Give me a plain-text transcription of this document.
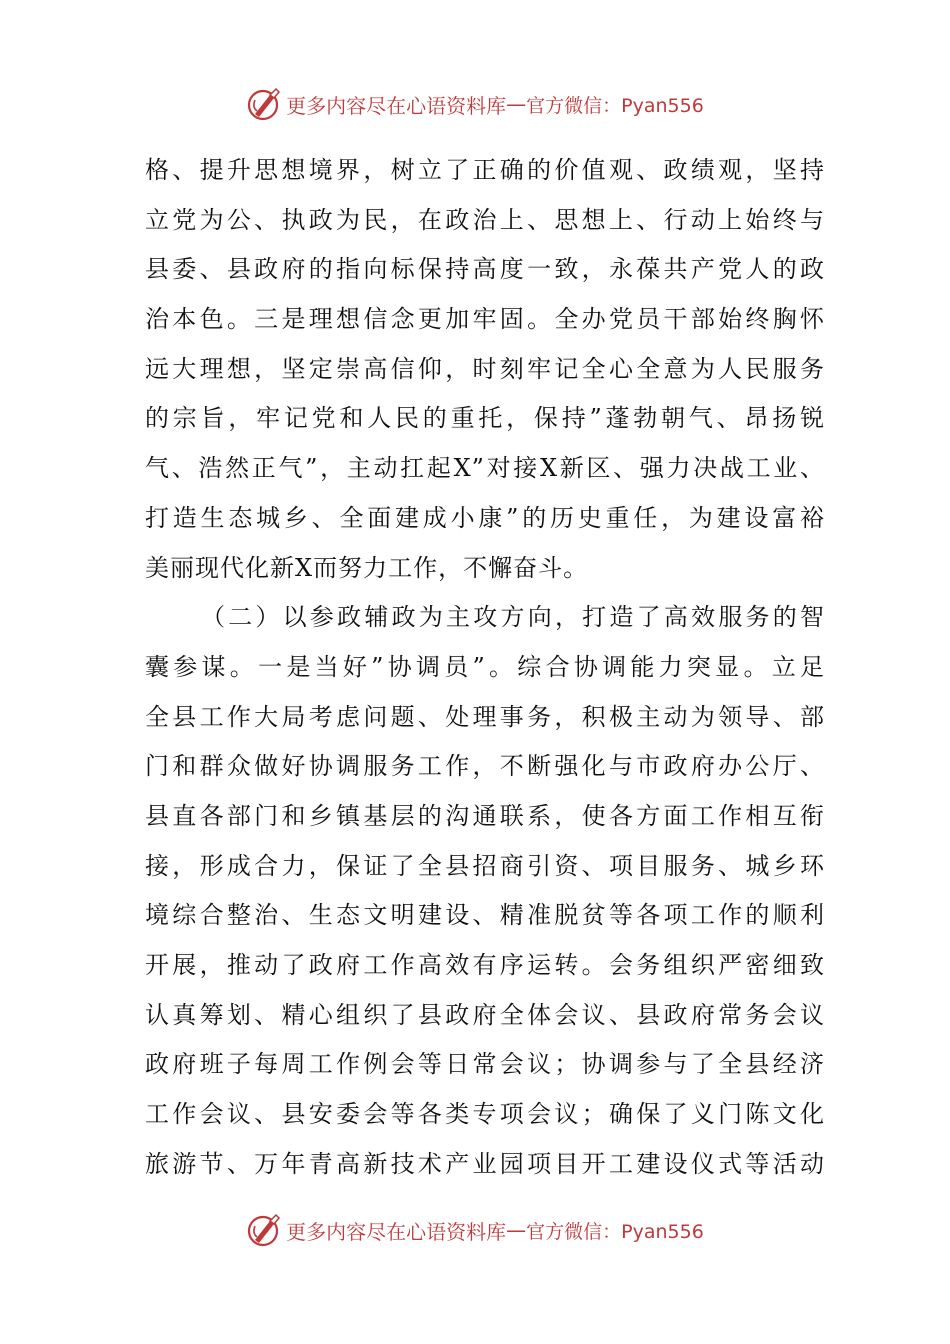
更多内容尽在心语资料库 — 官方微信：Pyan556
格、提升思想境界，树立了正确的价值观、政绩观，坚持
立党为公、执政为民，在政治上、思想上、行动上始终与
县委、县政府的指向标保持高度一致，永葆共产党人的政
治本色。三是理想信念更加牢固。全办党员干部始终胸怀
远大理想，坚定崇高信仰，时刻牢记全心全意为人民服务
的宗旨，牢记党和人民的重托，保持”蓬勃朝气、昂扬锐
气、浩然正气”，主动扛起X”对接X新区、强力决战工业、
打造生态城乡、全面建成小康”的历史重任，为建设富裕
美丽现代化新X而努力工作，不懈奋斗。
（二）以参政辅政为主攻方向，打造了高效服务的智
囊参谋。一是当好”协调员”。综合协调能力突显。立足
全县工作大局考虑问题、处理事务，积极主动为领导、部
门和群众做好协调服务工作，不断强化与市政府办公厅、
县直各部门和乡镇基层的沟通联系，使各方面工作相互衔
接，形成合力，保证了全县招商引资、项目服务、城乡环
境综合整治、生态文明建设、精准脱贫等各项工作的顺利
开展，推动了政府工作高效有序运转。会务组织严密细致
认真筹划、精心组织了县政府全体会议、县政府常务会议
政府班子每周工作例会等日常会议；协调参与了全县经济
工作会议、县安委会等各类专项会议；确保了义门陈文化
旅游节、万年青高新技术产业园项目开工建设仪式等活动
更多内容尽在心语资料库 — 官方微信：Pyan556
